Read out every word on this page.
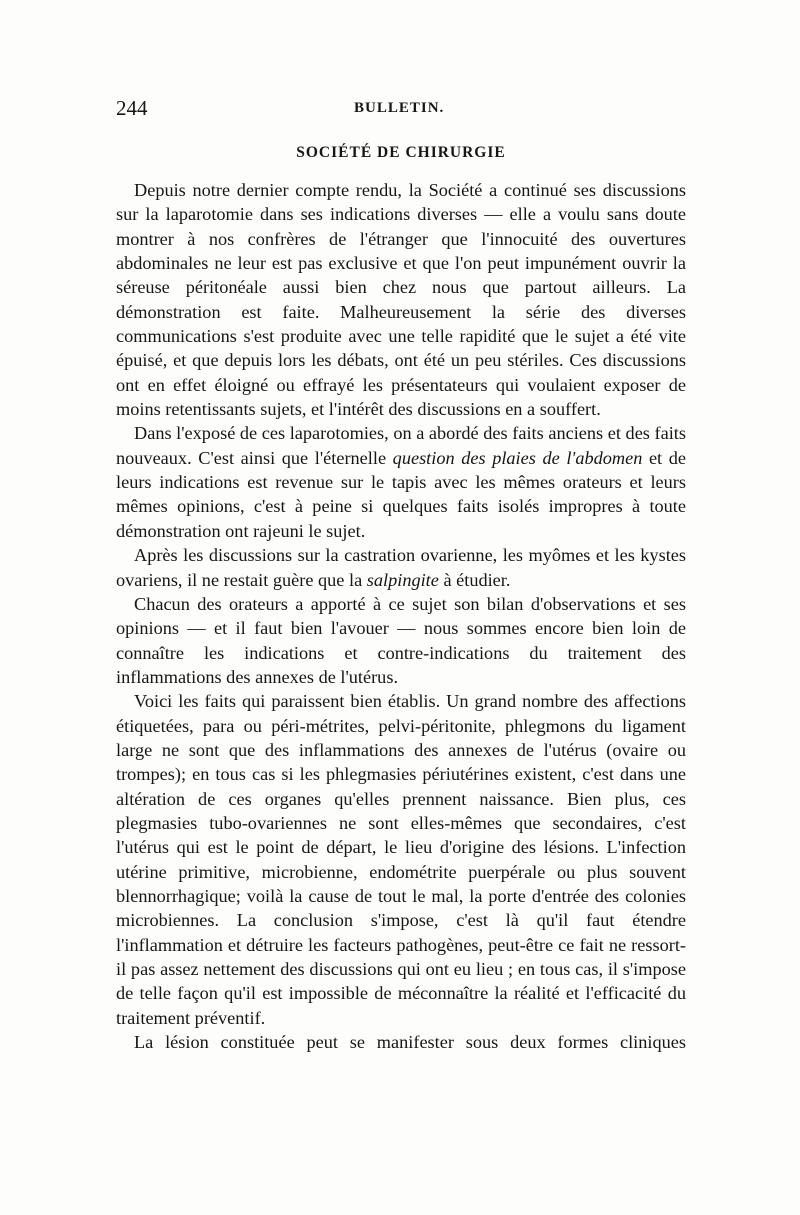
244	BULLETIN.
SOCIÉTÉ DE CHIRURGIE

Depuis notre dernier compte rendu, la Société a continué ses discussions sur la laparotomie dans ses indications diverses — elle a voulu sans doute montrer à nos confrères de l'étranger que l'innocuité des ouvertures abdominales ne leur est pas exclusive et que l'on peut impunément ouvrir la séreuse péritonéale aussi bien chez nous que partout ailleurs. La démonstration est faite. Malheureusement la série des diverses communications s'est produite avec une telle rapidité que le sujet a été vite épuisé, et que depuis lors les débats, ont été un peu stériles. Ces discussions ont en effet éloigné ou effrayé les présentateurs qui voulaient exposer de moins retentissants sujets, et l'intérêt des discussions en a souffert.

Dans l'exposé de ces laparotomies, on a abordé des faits anciens et des faits nouveaux. C'est ainsi que l'éternelle question des plaies de l'abdomen et de leurs indications est revenue sur le tapis avec les mêmes orateurs et leurs mêmes opinions, c'est à peine si quelques faits isolés impropres à toute démonstration ont rajeuni le sujet.

Après les discussions sur la castration ovarienne, les myômes et les kystes ovariens, il ne restait guère que la salpingite à étudier.

Chacun des orateurs a apporté à ce sujet son bilan d'observations et ses opinions — et il faut bien l'avouer — nous sommes encore bien loin de connaître les indications et contre-indications du traitement des inflammations des annexes de l'utérus.

Voici les faits qui paraissent bien établis. Un grand nombre des affections étiquetées, para ou péri-métrites, pelvi-péritonite, phlegmons du ligament large ne sont que des inflammations des annexes de l'utérus (ovaire ou trompes); en tous cas si les phlegmasies périutérines existent, c'est dans une altération de ces organes qu'elles prennent naissance. Bien plus, ces plegmasies tubo-ovariennes ne sont elles-mêmes que secondaires, c'est l'utérus qui est le point de départ, le lieu d'origine des lésions. L'infection utérine primitive, microbienne, endométrite puerpérale ou plus souvent blennorrhagique; voilà la cause de tout le mal, la porte d'entrée des colonies microbiennes. La conclusion s'impose, c'est là qu'il faut étendre l'inflammation et détruire les facteurs pathogènes, peut-être ce fait ne ressort-il pas assez nettement des discussions qui ont eu lieu ; en tous cas, il s'impose de telle façon qu'il est impossible de méconnaître la réalité et l'efficacité du traitement préventif.

La lésion constituée peut se manifester sous deux formes cliniques
